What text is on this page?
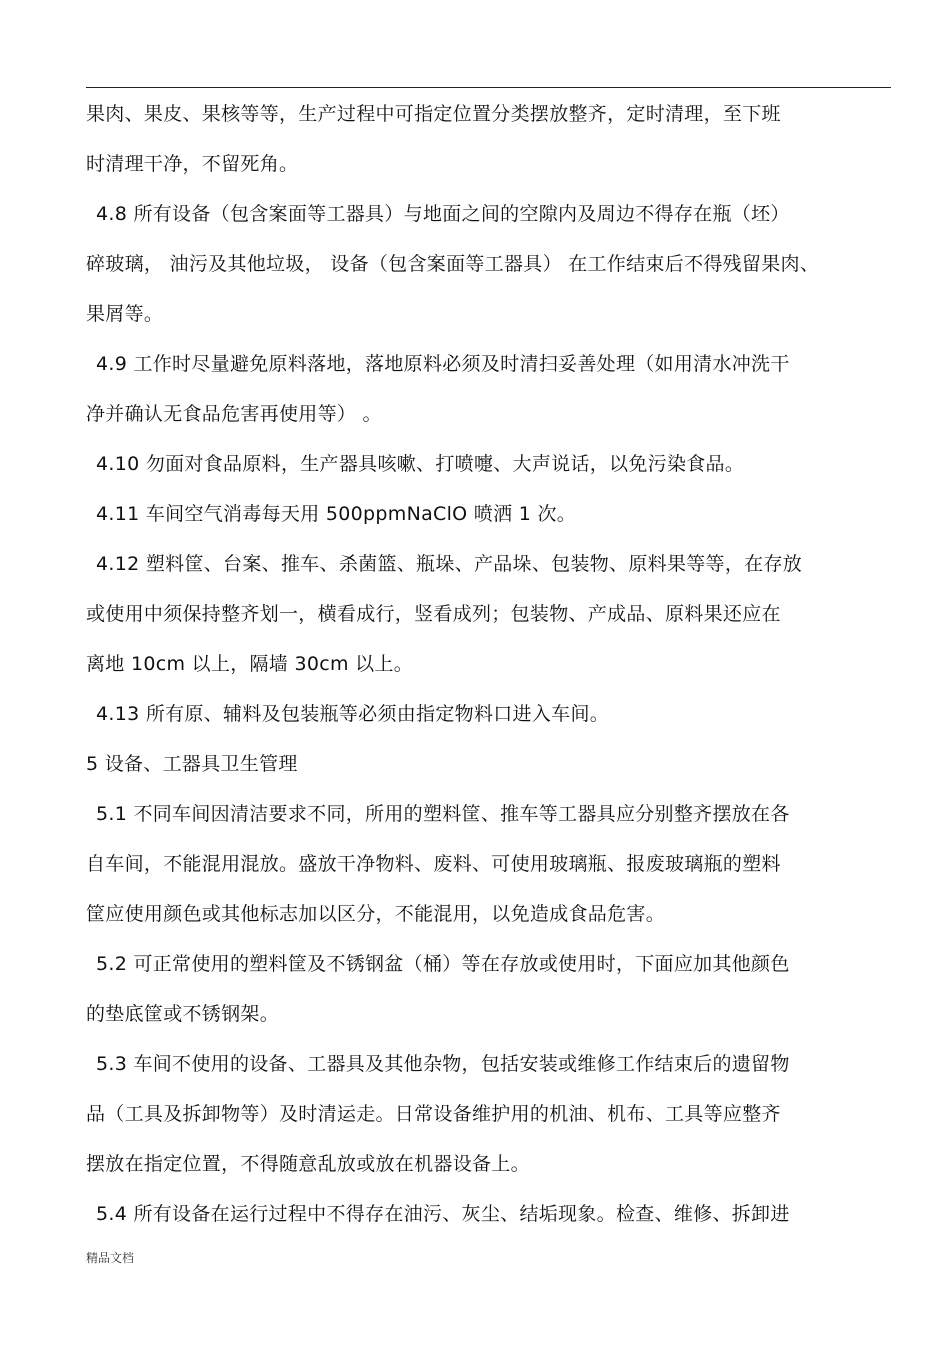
果肉、果皮、果核等等，生产过程中可指定位置分类摆放整齐，定时清理，至下班
时清理干净，不留死角。
4.8 所有设备（包含案面等工器具）与地面之间的空隙内及周边不得存在瓶（坯）
碎玻璃， 油污及其他垃圾， 设备（包含案面等工器具） 在工作结束后不得残留果肉、
果屑等。
4.9 工作时尽量避免原料落地，落地原料必须及时清扫妥善处理（如用清水冲洗干
净并确认无食品危害再使用等） 。
4.10 勿面对食品原料，生产器具咳嗽、打喷嚏、大声说话，以免污染食品。
4.11 车间空气消毒每天用 500ppmNaClO 喷洒 1 次。
4.12 塑料筐、台案、推车、杀菌篮、瓶垛、产品垛、包装物、原料果等等，在存放
或使用中须保持整齐划一，横看成行，竖看成列；包装物、产成品、原料果还应在
离地 10cm 以上，隔墙 30cm 以上。
4.13 所有原、辅料及包装瓶等必须由指定物料口进入车间。
5 设备、工器具卫生管理
5.1 不同车间因清洁要求不同，所用的塑料筐、推车等工器具应分别整齐摆放在各
自车间，不能混用混放。盛放干净物料、废料、可使用玻璃瓶、报废玻璃瓶的塑料
筐应使用颜色或其他标志加以区分，不能混用，以免造成食品危害。
5.2 可正常使用的塑料筐及不锈钢盆（桶）等在存放或使用时，下面应加其他颜色
的垫底筐或不锈钢架。
5.3 车间不使用的设备、工器具及其他杂物，包括安装或维修工作结束后的遗留物
品（工具及拆卸物等）及时清运走。日常设备维护用的机油、机布、工具等应整齐
摆放在指定位置，不得随意乱放或放在机器设备上。
5.4 所有设备在运行过程中不得存在油污、灰尘、结垢现象。检查、维修、拆卸进
精品文档
